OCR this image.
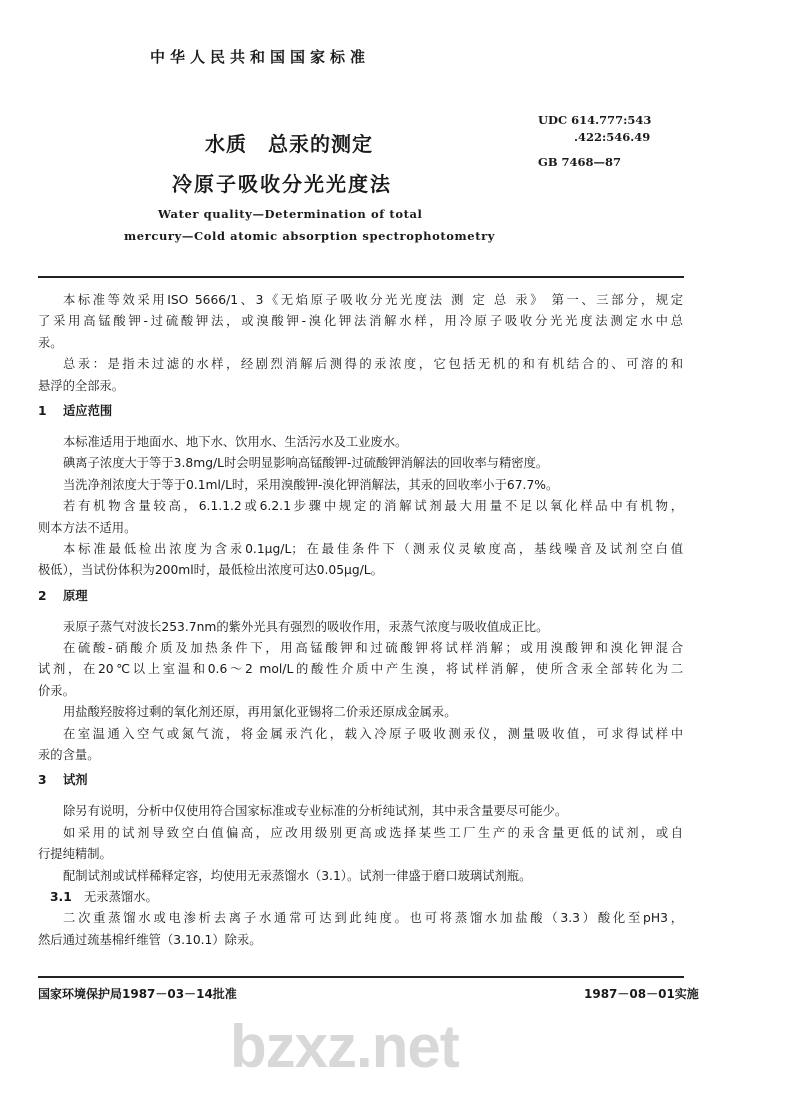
中华人民共和国国家标准
水质　总汞的测定
冷原子吸收分光光度法
UDC 614.777:543
.422:546.49
GB 7468—87
Water quality—Determination of total
mercury—Cold atomic absorption spectrophotometry
本标准等效采用ISO 5666/1、3《无焰原子吸收分光光度法 测 定 总 汞》 第一、三部分，规定
了采用高锰酸钾-过硫酸钾法，或溴酸钾-溴化钾法消解水样，用冷原子吸收分光光度法测定水中总
汞。
总汞：是指未过滤的水样，经剧烈消解后测得的汞浓度，它包括无机的和有机结合的、可溶的和
悬浮的全部汞。
1 适应范围
本标准适用于地面水、地下水、饮用水、生活污水及工业废水。
碘离子浓度大于等于3.8mg/L时会明显影响高锰酸钾-过硫酸钾消解法的回收率与精密度。
当洗净剂浓度大于等于0.1ml/L时，采用溴酸钾-溴化钾消解法，其汞的回收率小于67.7%。
若有机物含量较高，6.1.1.2或6.2.1步骤中规定的消解试剂最大用量不足以氧化样品中有机物，
则本方法不适用。
本标准最低检出浓度为含汞0.1μg/L；在最佳条件下（测汞仪灵敏度高，基线噪音及试剂空白值
极低），当试份体积为200ml时，最低检出浓度可达0.05μg/L。
2 原理
汞原子蒸气对波长253.7nm的紫外光具有强烈的吸收作用，汞蒸气浓度与吸收值成正比。
在硫酸-硝酸介质及加热条件下，用高锰酸钾和过硫酸钾将试样消解；或用溴酸钾和溴化钾混合
试剂，在20℃以上室温和0.6～2 mol/L的酸性介质中产生溴，将试样消解，使所含汞全部转化为二
价汞。
用盐酸羟胺将过剩的氧化剂还原，再用氯化亚锡将二价汞还原成金属汞。
在室温通入空气或氮气流，将金属汞汽化，载入冷原子吸收测汞仪，测量吸收值，可求得试样中
汞的含量。
3 试剂
除另有说明，分析中仅使用符合国家标准或专业标准的分析纯试剂，其中汞含量要尽可能少。
如采用的试剂导致空白值偏高，应改用级别更高或选择某些工厂生产的汞含量更低的试剂，或自
行提纯精制。
配制试剂或试样稀释定容，均使用无汞蒸馏水（3.1）。试剂一律盛于磨口玻璃试剂瓶。
3.1 无汞蒸馏水。
二次重蒸馏水或电渗析去离子水通常可达到此纯度。也可将蒸馏水加盐酸（3.3）酸化至pH3，
然后通过巯基棉纤维管（3.10.1）除汞。
国家环境保护局1987－03－14批准	1987－08－01实施
bzxz.net
